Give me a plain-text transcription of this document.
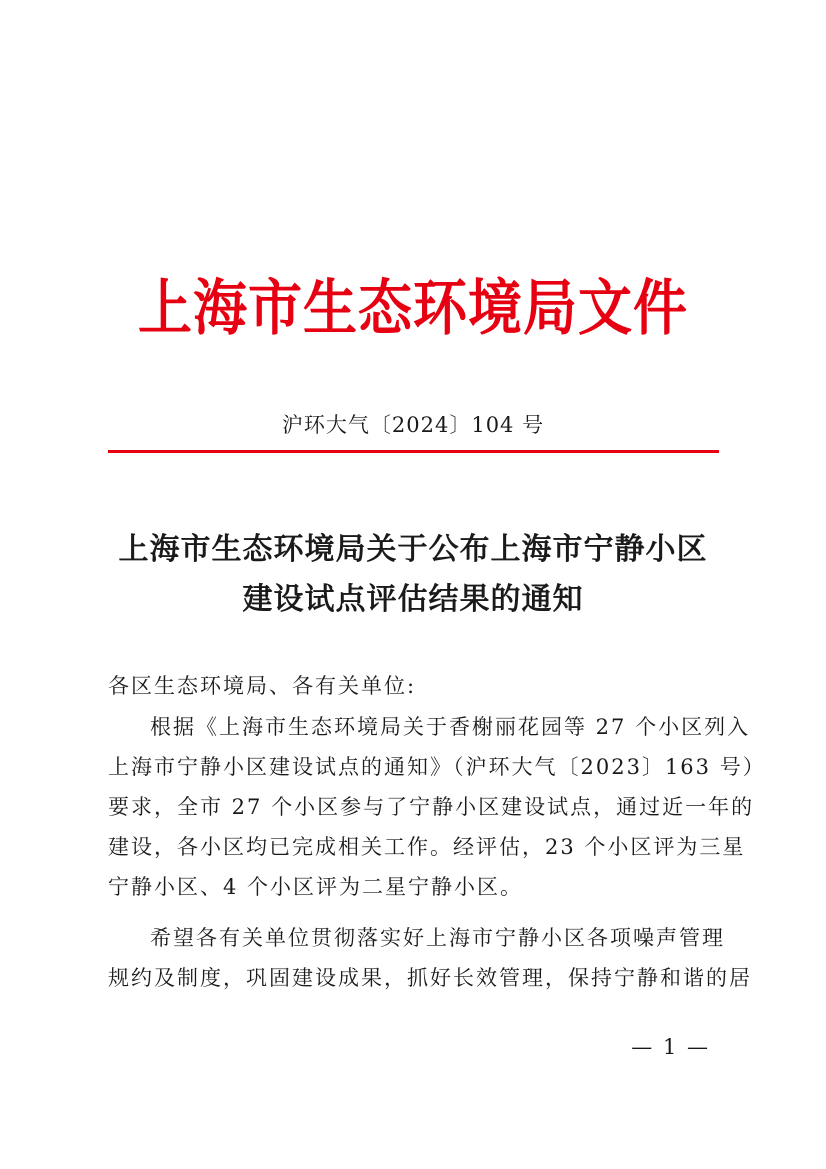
上海市生态环境局文件
沪环大气〔2024〕104 号
上海市生态环境局关于公布上海市宁静小区
建设试点评估结果的通知
各区生态环境局、各有关单位:
根据《上海市生态环境局关于香榭丽花园等 27 个小区列入
上海市宁静小区建设试点的通知》（沪环大气〔2023〕163 号）
要求，全市 27 个小区参与了宁静小区建设试点，通过近一年的
建设，各小区均已完成相关工作。经评估，23 个小区评为三星
宁静小区、4 个小区评为二星宁静小区。
希望各有关单位贯彻落实好上海市宁静小区各项噪声管理
规约及制度，巩固建设成果，抓好长效管理，保持宁静和谐的居
— 1 —
